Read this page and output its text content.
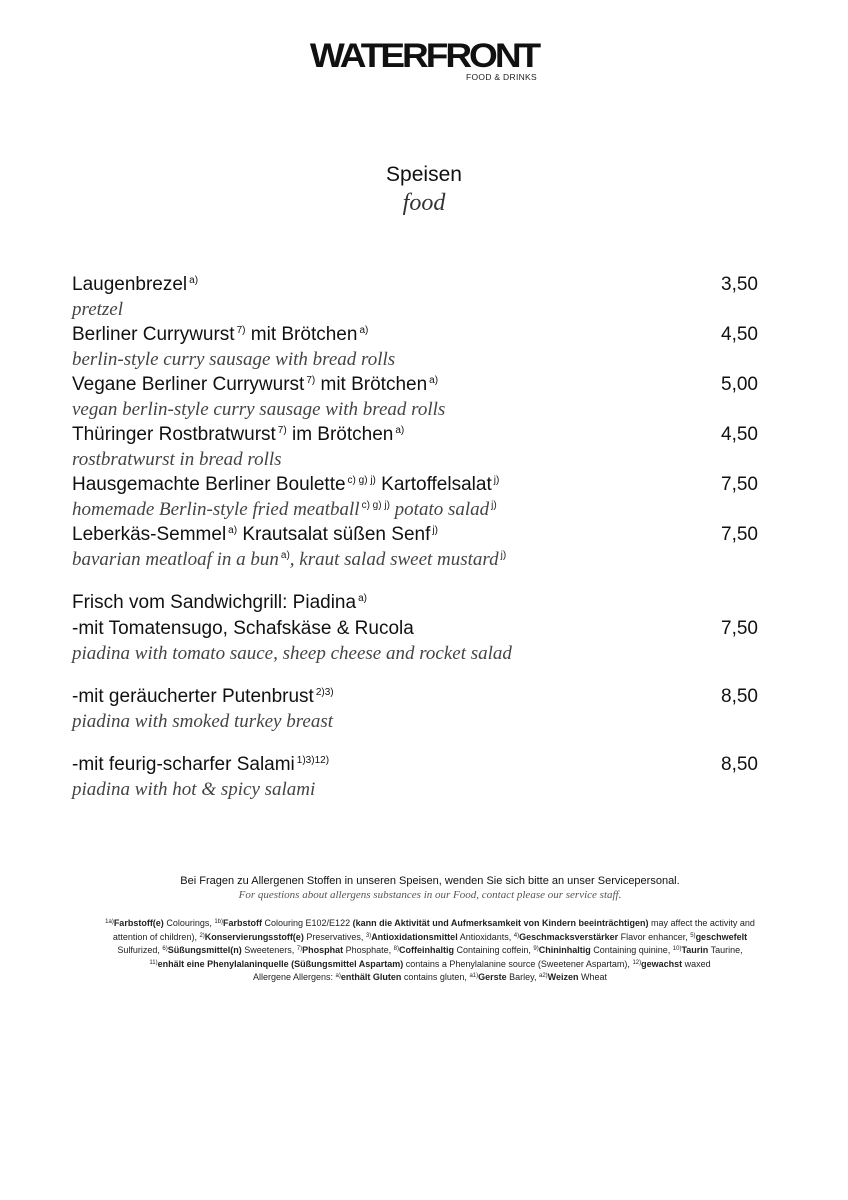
WATERFRONT
FOOD & DRINKS
Speisen
food
Laugenbrezel $^{a)}$	3,50
pretzel
Berliner Currywurst $^{7)}$ mit Brötchen $^{a)}$	4,50
berlin-style curry sausage with bread rolls
Vegane Berliner Currywurst $^{7)}$ mit Brötchen $^{a)}$	5,00
vegan berlin-style curry sausage with bread rolls
Thüringer Rostbratwurst $^{7)}$ im Brötchen $^{a)}$	4,50
rostbratwurst in bread rolls
Hausgemachte Berliner Boulette $^{c) g) j)}$ Kartoffelsalat $^{j)}$	7,50
homemade Berlin-style fried meatball $^{c) g) j)}$ potato salad $^{j)}$
Leberkäs-Semmel $^{a)}$ Krautsalat süßen Senf $^{j)}$	7,50
bavarian meatloaf in a bun $^{a)}$, kraut salad sweet mustard $^{j)}$
Frisch vom Sandwichgrill: Piadina $^{a)}$
-mit Tomatensugo, Schafskäse & Rucola	7,50
piadina with tomato sauce, sheep cheese and rocket salad
-mit geräucherter Putenbrust $^{2)3)}$	8,50
piadina with smoked turkey breast
-mit feurig-scharfer Salami $^{1)3)12)}$	8,50
piadina with hot & spicy salami
Bei Fragen zu Allergenen Stoffen in unseren Speisen, wenden Sie sich bitte an unser Servicepersonal.
For questions about allergens substances in our Food, contact please our service staff.
$^{1a)}$Farbstoff(e) Colourings, $^{1b)}$Farbstoff Colouring E102/E122 (kann die Aktivität und Aufmerksamkeit von Kindern beeinträchtigen) may affect the activity and attention of children), $^{2)}$Konservierungsstoff(e) Preservatives, $^{3)}$Antioxidationsmittel Antioxidants, $^{4)}$Geschmacksverstärker Flavor enhancer, $^{5)}$geschwefelt Sulfurized, $^{6)}$Süßungsmittel(n) Sweeteners, $^{7)}$Phosphat Phosphate, $^{8)}$Coffeinhaltig Containing coffein, $^{9)}$Chininhaltig Containing quinine, $^{10)}$Taurin Taurine, $^{11)}$enhält eine Phenylalaninquelle (Süßungsmittel Aspartam) contains a Phenylalanine source (Sweetener Aspartam), $^{12)}$gewachst waxed
Allergene Allergens: $^{a)}$enthält Gluten contains gluten, $^{a1)}$Gerste Barley, $^{a2)}$Weizen Wheat
